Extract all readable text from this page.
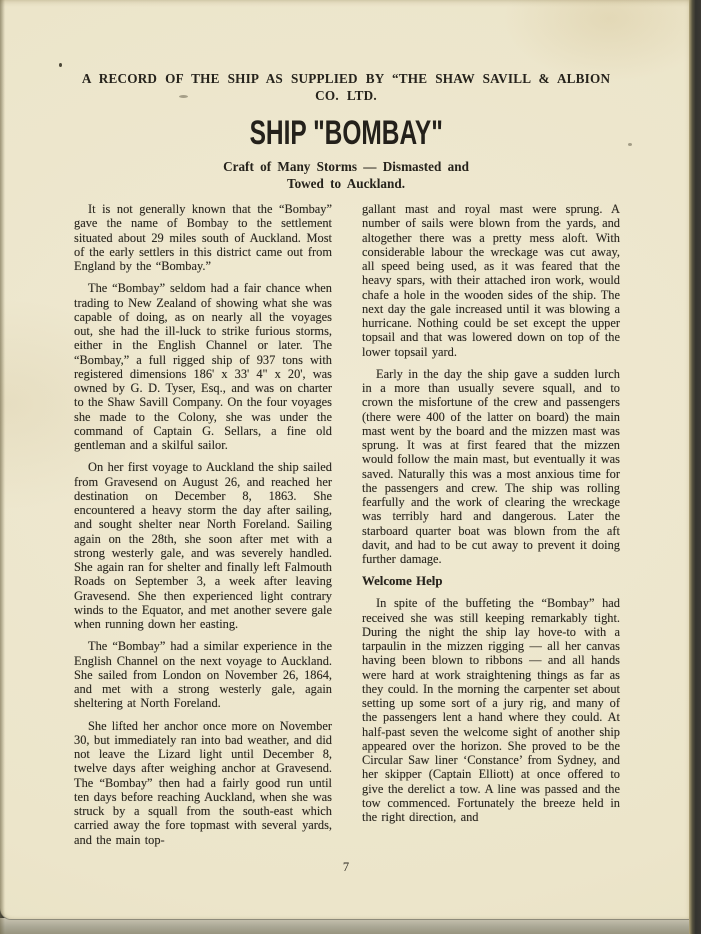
A RECORD OF THE SHIP AS SUPPLIED BY “THE SHAW SAVILL & ALBION
CO. LTD.
SHIP "BOMBAY"
Craft of Many Storms — Dismasted and
Towed to Auckland.

It is not generally known that the “Bombay” gave the name of Bombay to the settlement situated about 29 miles south of Auckland. Most of the early settlers in this district came out from England by the “Bombay.”

The “Bombay” seldom had a fair chance when trading to New Zealand of showing what she was capable of doing, as on nearly all the voyages out, she had the ill-luck to strike furious storms, either in the English Channel or later. The “Bombay,” a full rigged ship of 937 tons with registered dimensions 186' x 33' 4" x 20', was owned by G. D. Tyser, Esq., and was on charter to the Shaw Savill Company. On the four voyages she made to the Colony, she was under the command of Captain G. Sellars, a fine old gentleman and a skilful sailor.

On her first voyage to Auckland the ship sailed from Gravesend on August 26, and reached her destination on December 8, 1863. She encountered a heavy storm the day after sailing, and sought shelter near North Foreland. Sailing again on the 28th, she soon after met with a strong westerly gale, and was severely handled. She again ran for shelter and finally left Falmouth Roads on September 3, a week after leaving Gravesend. She then experienced light contrary winds to the Equator, and met another severe gale when running down her easting.

The “Bombay” had a similar experience in the English Channel on the next voyage to Auckland. She sailed from London on November 26, 1864, and met with a strong westerly gale, again sheltering at North Foreland.

She lifted her anchor once more on November 30, but immediately ran into bad weather, and did not leave the Lizard light until December 8, twelve days after weighing anchor at Gravesend. The “Bombay” then had a fairly good run until ten days before reaching Auckland, when she was struck by a squall from the south-east which carried away the fore topmast with several yards, and the main top-

gallant mast and royal mast were sprung. A number of sails were blown from the yards, and altogether there was a pretty mess aloft. With considerable labour the wreckage was cut away, all speed being used, as it was feared that the heavy spars, with their attached iron work, would chafe a hole in the wooden sides of the ship. The next day the gale increased until it was blowing a hurricane. Nothing could be set except the upper topsail and that was lowered down on top of the lower topsail yard.

Early in the day the ship gave a sudden lurch in a more than usually severe squall, and to crown the misfortune of the crew and passengers (there were 400 of the latter on board) the main mast went by the board and the mizzen mast was sprung. It was at first feared that the mizzen would follow the main mast, but eventually it was saved. Naturally this was a most anxious time for the passengers and crew. The ship was rolling fearfully and the work of clearing the wreckage was terribly hard and dangerous. Later the starboard quarter boat was blown from the aft davit, and had to be cut away to prevent it doing further damage.

Welcome Help

In spite of the buffeting the “Bombay” had received she was still keeping remarkably tight. During the night the ship lay hove-to with a tarpaulin in the mizzen rigging — all her canvas having been blown to ribbons — and all hands were hard at work straightening things as far as they could. In the morning the carpenter set about setting up some sort of a jury rig, and many of the passengers lent a hand where they could. At half-past seven the welcome sight of another ship appeared over the horizon. She proved to be the Circular Saw liner ‘Constance’ from Sydney, and her skipper (Captain Elliott) at once offered to give the derelict a tow. A line was passed and the tow commenced. Fortunately the breeze held in the right direction, and

7
